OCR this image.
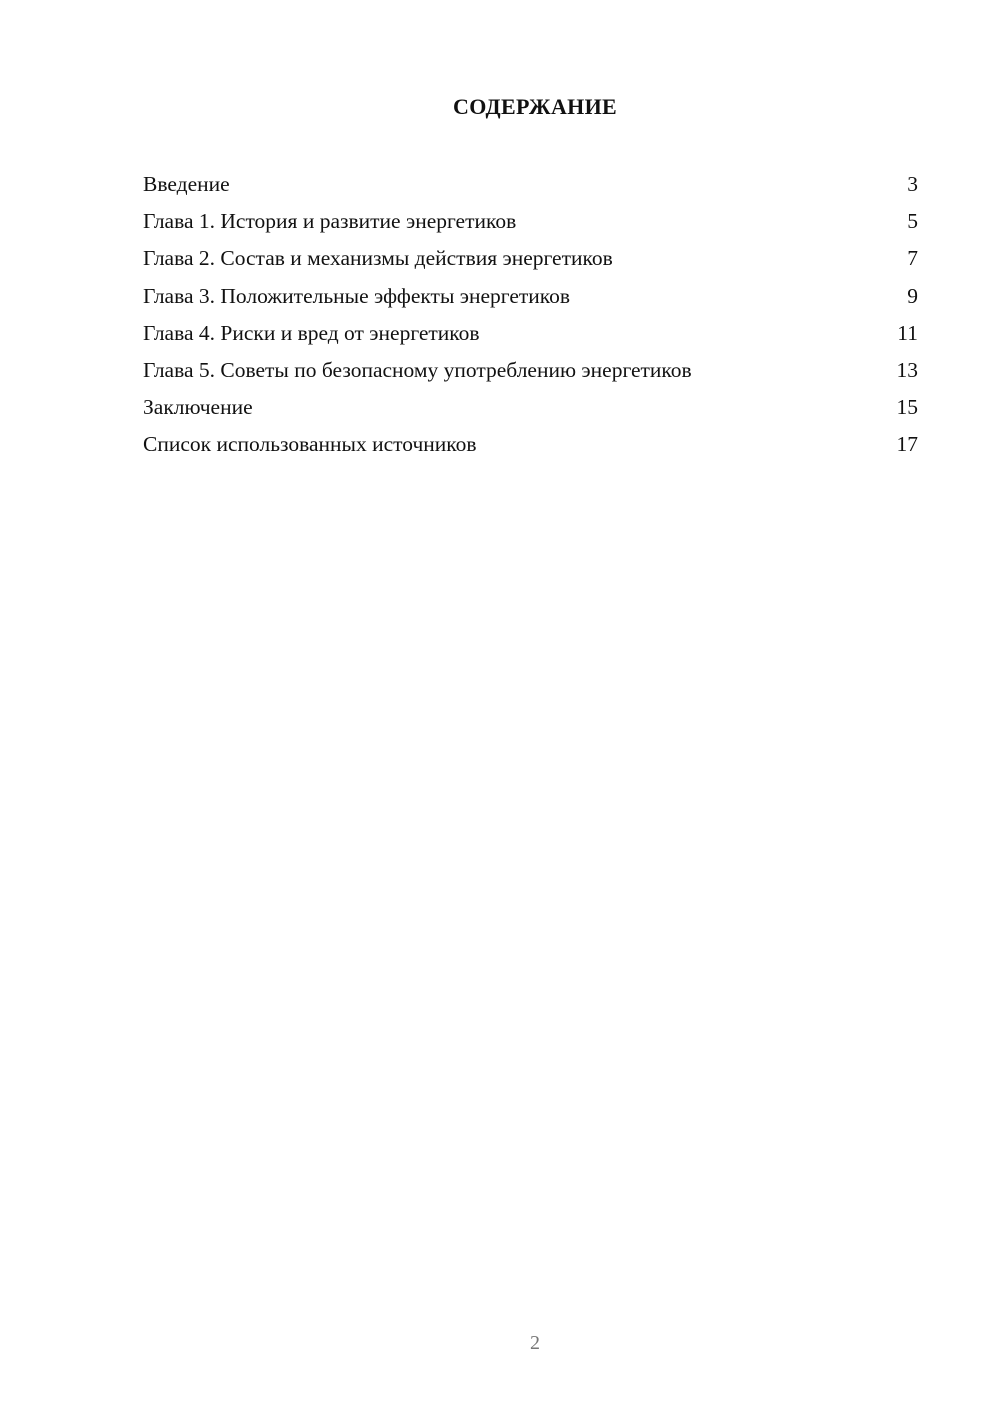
СОДЕРЖАНИЕ
Введение	3
Глава 1. История и развитие энергетиков	5
Глава 2. Состав и механизмы действия энергетиков	7
Глава 3. Положительные эффекты энергетиков	9
Глава 4. Риски и вред от энергетиков	11
Глава 5. Советы по безопасному употреблению энергетиков	13
Заключение	15
Список использованных источников	17
2
